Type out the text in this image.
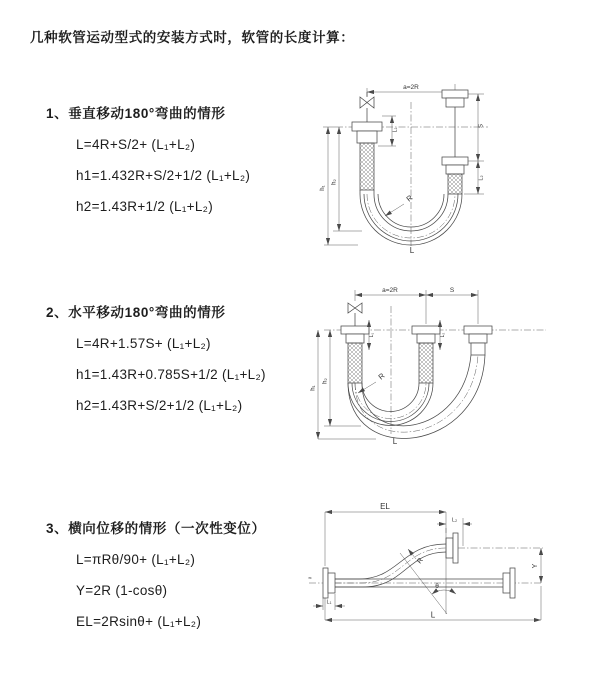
几种软管运动型式的安装方式时，软管的长度计算：

1、垂直移动180°弯曲的情形

L=4R+S/2+ (L₁+L₂)

h1=1.432R+S/2+1/2 (L₁+L₂)

h2=1.43R+1/2 (L₁+L₂)

2、水平移动180°弯曲的情形

L=4R+1.57S+ (L₁+L₂)

h1=1.43R+0.785S+1/2 (L₁+L₂)

h2=1.43R+S/2+1/2 (L₁+L₂)

3、横向位移的情形（一次性变位）

L=πRθ/90+ (L₁+L₂)

Y=2R (1-cosθ)

EL=2Rsinθ+ (L₁+L₂)

a=2R
h₁
h₂
L₁
S
L₂
R
L
a=2R	S
h₁
h₂
L₁	L₂
R
L
≈
θ
R
EL
L₂
Y
L
L₁
